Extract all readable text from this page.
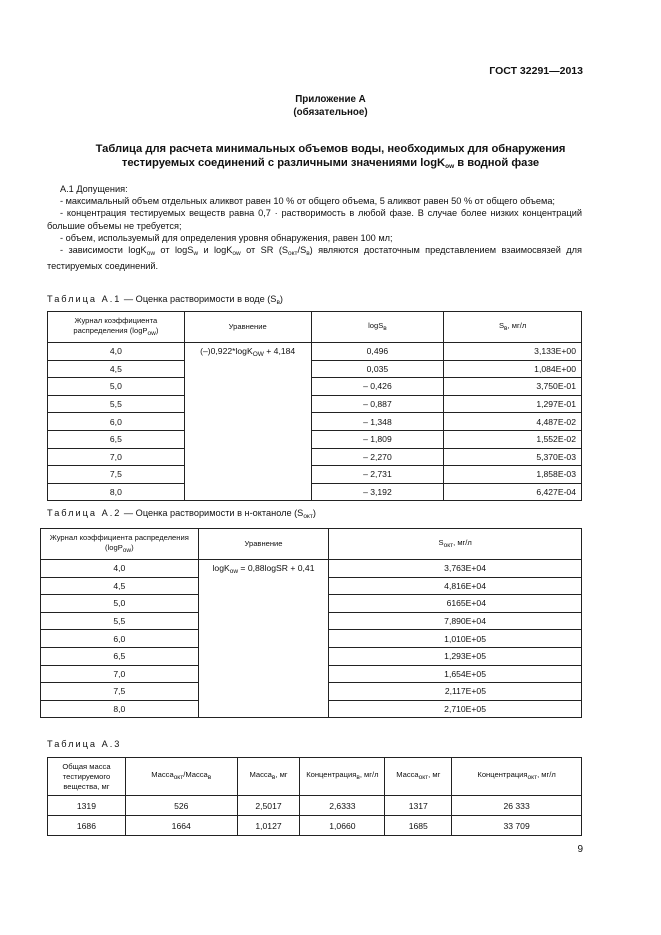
ГОСТ 32291—2013
Приложение А
(обязательное)
Таблица для расчета минимальных объемов воды, необходимых для обнаружения
тестируемых соединений с различными значениями logK$_{ow}$ в водной фазе

А.1 Допущения:

- максимальный объем отдельных аликвот равен 10 % от общего объема, 5 аликвот равен 50 % от общего объема;

- концентрация тестируемых веществ равна 0,7 · растворимость в любой фазе. В случае более низких концентраций большие объемы не требуется;

- объем, используемый для определения уровня обнаружения, равен 100 мл;

- зависимости logK$_{ow}$ от logS$_w$ и logK$_{ow}$ от SR $(S_{окт}/S_в)$ являются достаточным представлением взаимосвязей для тестируемых соединений.

Таблица А.1 — Оценка растворимости в воде $(S_в)$
Журнал коэффициента распределения (logPow)	Уравнение	logSв	Sв, мг/л
4,0	(–)0,922*logK$_{OW}$ + 4,184	0,496	3,133Е+00
4,5		0,035	1,084Е+00
5,0		– 0,426	3,750Е-01
5,5		– 0,887	1,297Е-01
6,0		– 1,348	4,487Е-02
6,5		– 1,809	1,552Е-02
7,0		– 2,270	5,370Е-03
7,5		– 2,731	1,858Е-03
8,0		– 3,192	6,427Е-04
Таблица А.2 — Оценка растворимости в н-октаноле $(S_{окт})$
Журнал коэффициента распределения (logPow)	Уравнение	Sокт, мг/л
4,0	logK$_{ow}$ = 0,88logSR + 0,41	3,763Е+04
4,5		4,816Е+04
5,0		6165Е+04
5,5		7,890Е+04
6,0		1,010Е+05
6,5		1,293Е+05
7,0		1,654Е+05
7,5		2,117Е+05
8,0		2,710Е+05
Таблица А.3
Общая масса тестируемого вещества, мг	Массаокт/Массав	Массав, мг	Концентрацияв, мг/л	Массаокт, мг	Концентрацияокт, мг/л
1319	526	2,5017	2,6333	1317	26 333
1686	1664	1,0127	1,0660	1685	33 709
9
